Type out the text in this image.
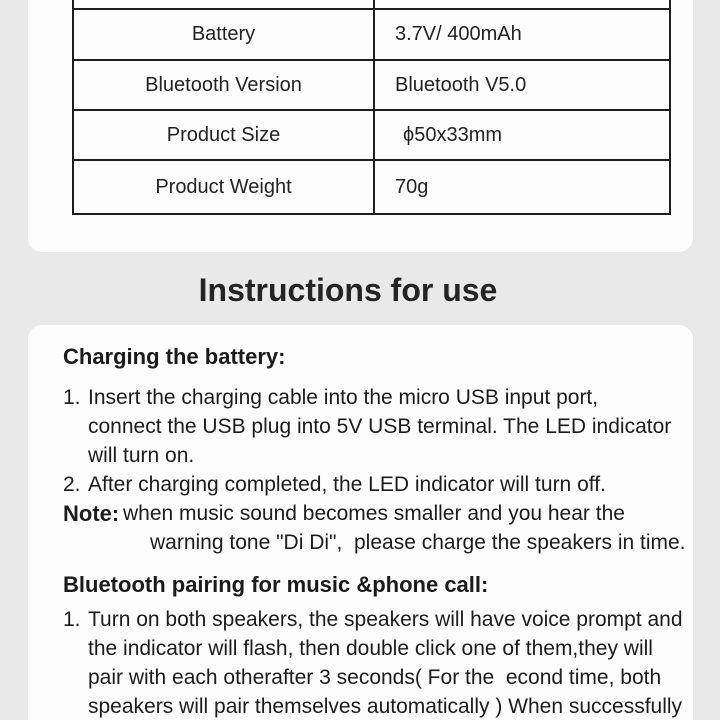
Battery	3.7V/ 400mAh
Bluetooth Version	Bluetooth V5.0
Product Size	ϕ50x33mm
Product Weight	70g
Instructions for use
Charging the battery:
1. Insert the charging cable into the micro USB input port,
connect the USB plug into 5V USB terminal. The LED indicator
will turn on.
2. After charging completed, the LED indicator will turn off.
Note: when music sound becomes smaller and you hear the
warning tone "Di Di",  please charge the speakers in time.
Bluetooth pairing for music &phone call:
1. Turn on both speakers, the speakers will have voice prompt and
the indicator will flash, then double click one of them,they will
pair with each otherafter 3 seconds( For the  econd time, both
speakers will pair themselves automatically ) When successfully
